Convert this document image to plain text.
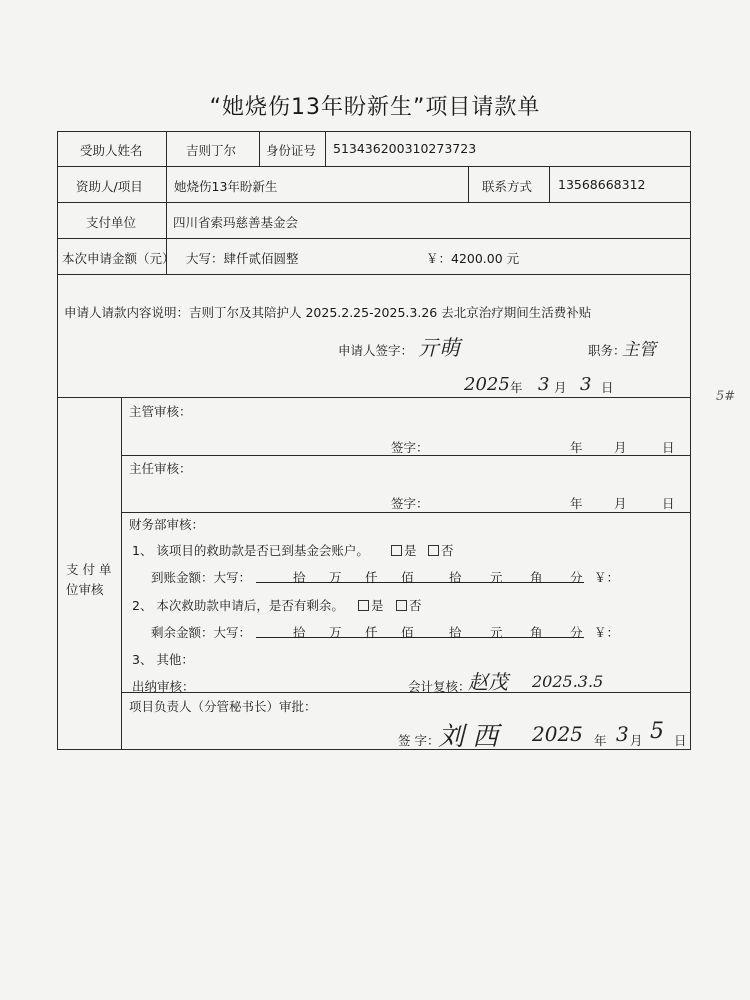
“她烧伤13年盼新生”项目请款单
受助人姓名	吉则丁尔 身份证号 513436200310273723
资助人/项目	她烧伤13年盼新生	联系方式 13568668312
支付单位	四川省索玛慈善基金会
本次申请金额（元） 大写：肆仟贰佰圆整	￥：4200.00 元
申请人请款内容说明：吉则丁尔及其陪护人 2025.2.25-2025.3.26 去北京治疗期间生活费补贴
申请人签字： 亓萌	职务：
主管
2025 年 3 月 3 日
5#
支 付 单
位审核
主管审核：
签字：	年	月	日
主任审核：
签字：	年	月	日
财务部审核：
1、 该项目的救助款是否已到基金会账户。	是	否
到账金额：大写：	拾 万 仟 佰	拾 元 角 分 ￥：
2、 本次救助款申请后，是否有剩余。	是	否
剩余金额：大写：	拾 万 仟 佰	拾 元 角 分 ￥：
3、 其他：
出纳审核：	会计复核：
赵茂 2025.3.5
项目负责人（分管秘书长）审批：
签 字：
刘 西 2025 年 3 月 5 日
